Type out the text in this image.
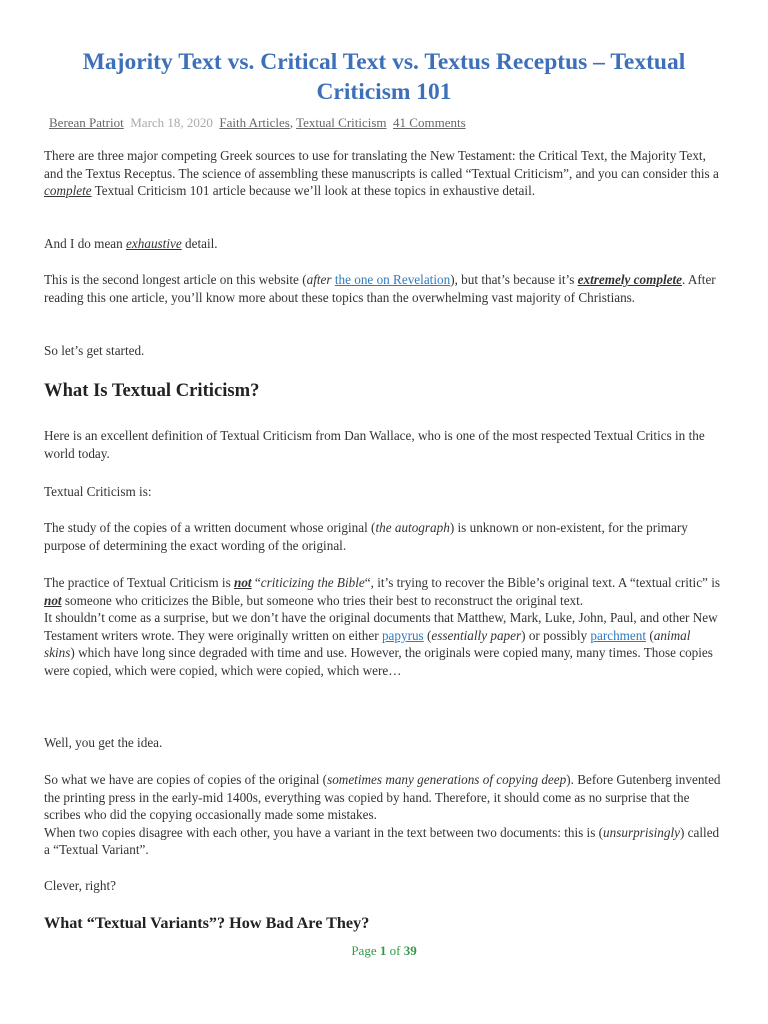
Majority Text vs. Critical Text vs. Textus Receptus – Textual Criticism 101
Berean Patriot March 18, 2020 Faith Articles, Textual Criticism 41 Comments

There are three major competing Greek sources to use for translating the New Testament: the Critical Text, the Majority Text, and the Textus Receptus. The science of assembling these manuscripts is called “Textual Criticism”, and you can consider this a complete Textual Criticism 101 article because we’ll look at these topics in exhaustive detail.

And I do mean exhaustive detail.

This is the second longest article on this website (after the one on Revelation), but that’s because it’s extremely complete. After reading this one article, you’ll know more about these topics than the overwhelming vast majority of Christians.

So let’s get started.

What Is Textual Criticism?

Here is an excellent definition of Textual Criticism from Dan Wallace, who is one of the most respected Textual Critics in the world today.

Textual Criticism is:

The study of the copies of a written document whose original (the autograph) is unknown or non-existent, for the primary purpose of determining the exact wording of the original.

The practice of Textual Criticism is not “criticizing the Bible“, it’s trying to recover the Bible’s original text. A “textual critic” is not someone who criticizes the Bible, but someone who tries their best to reconstruct the original text.
It shouldn’t come as a surprise, but we don’t have the original documents that Matthew, Mark, Luke, John, Paul, and other New Testament writers wrote. They were originally written on either papyrus (essentially paper) or possibly parchment (animal skins) which have long since degraded with time and use. However, the originals were copied many, many times. Those copies were copied, which were copied, which were copied, which were…

Well, you get the idea.

So what we have are copies of copies of the original (sometimes many generations of copying deep). Before Gutenberg invented the printing press in the early-mid 1400s, everything was copied by hand. Therefore, it should come as no surprise that the scribes who did the copying occasionally made some mistakes.
When two copies disagree with each other, you have a variant in the text between two documents: this is (unsurprisingly) called a “Textual Variant”.

Clever, right?

What “Textual Variants”? How Bad Are They?
Page 1 of 39
